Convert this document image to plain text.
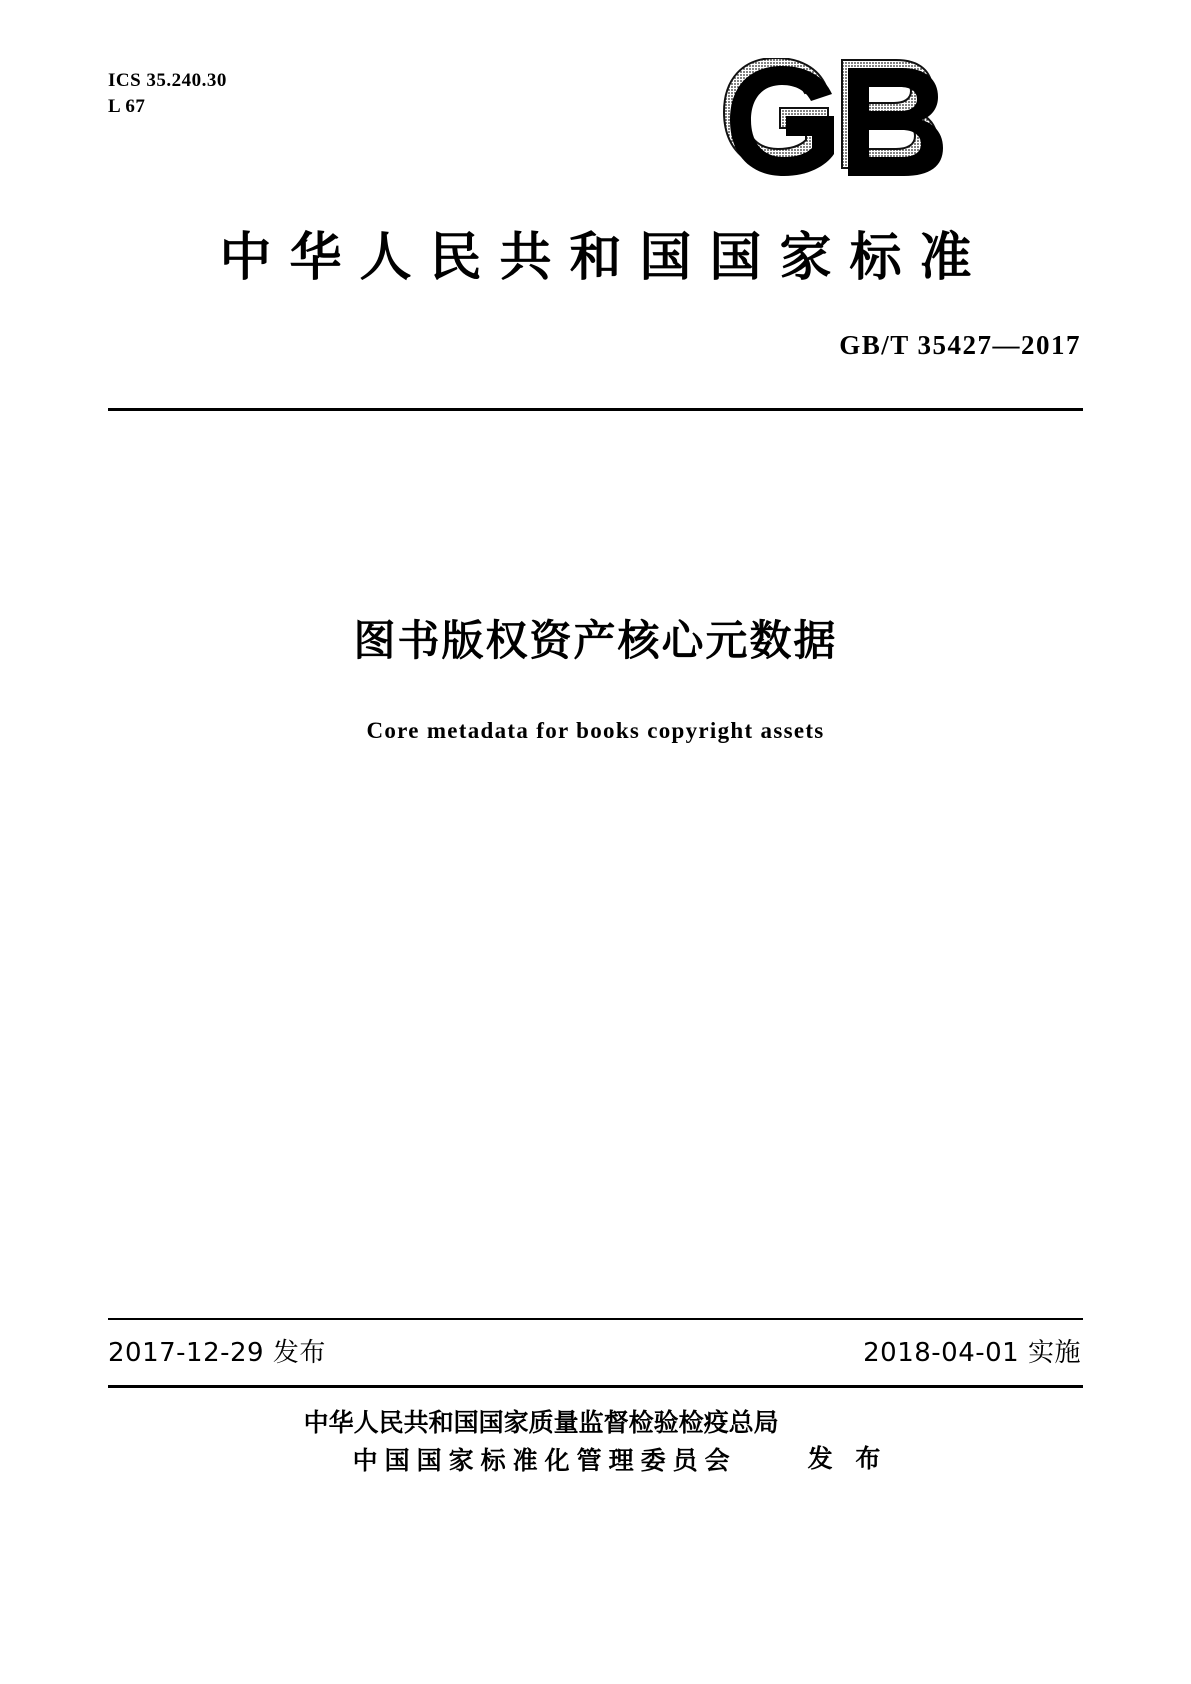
ICS 35.240.30
L 67
中华人民共和国国家标准
GB/T 35427—2017
图书版权资产核心元数据
Core metadata for books copyright assets
2017-12-29 发布	2018-04-01 实施
中华人民共和国国家质量监督检验检疫总局
中国国家标准化管理委员会	发 布
